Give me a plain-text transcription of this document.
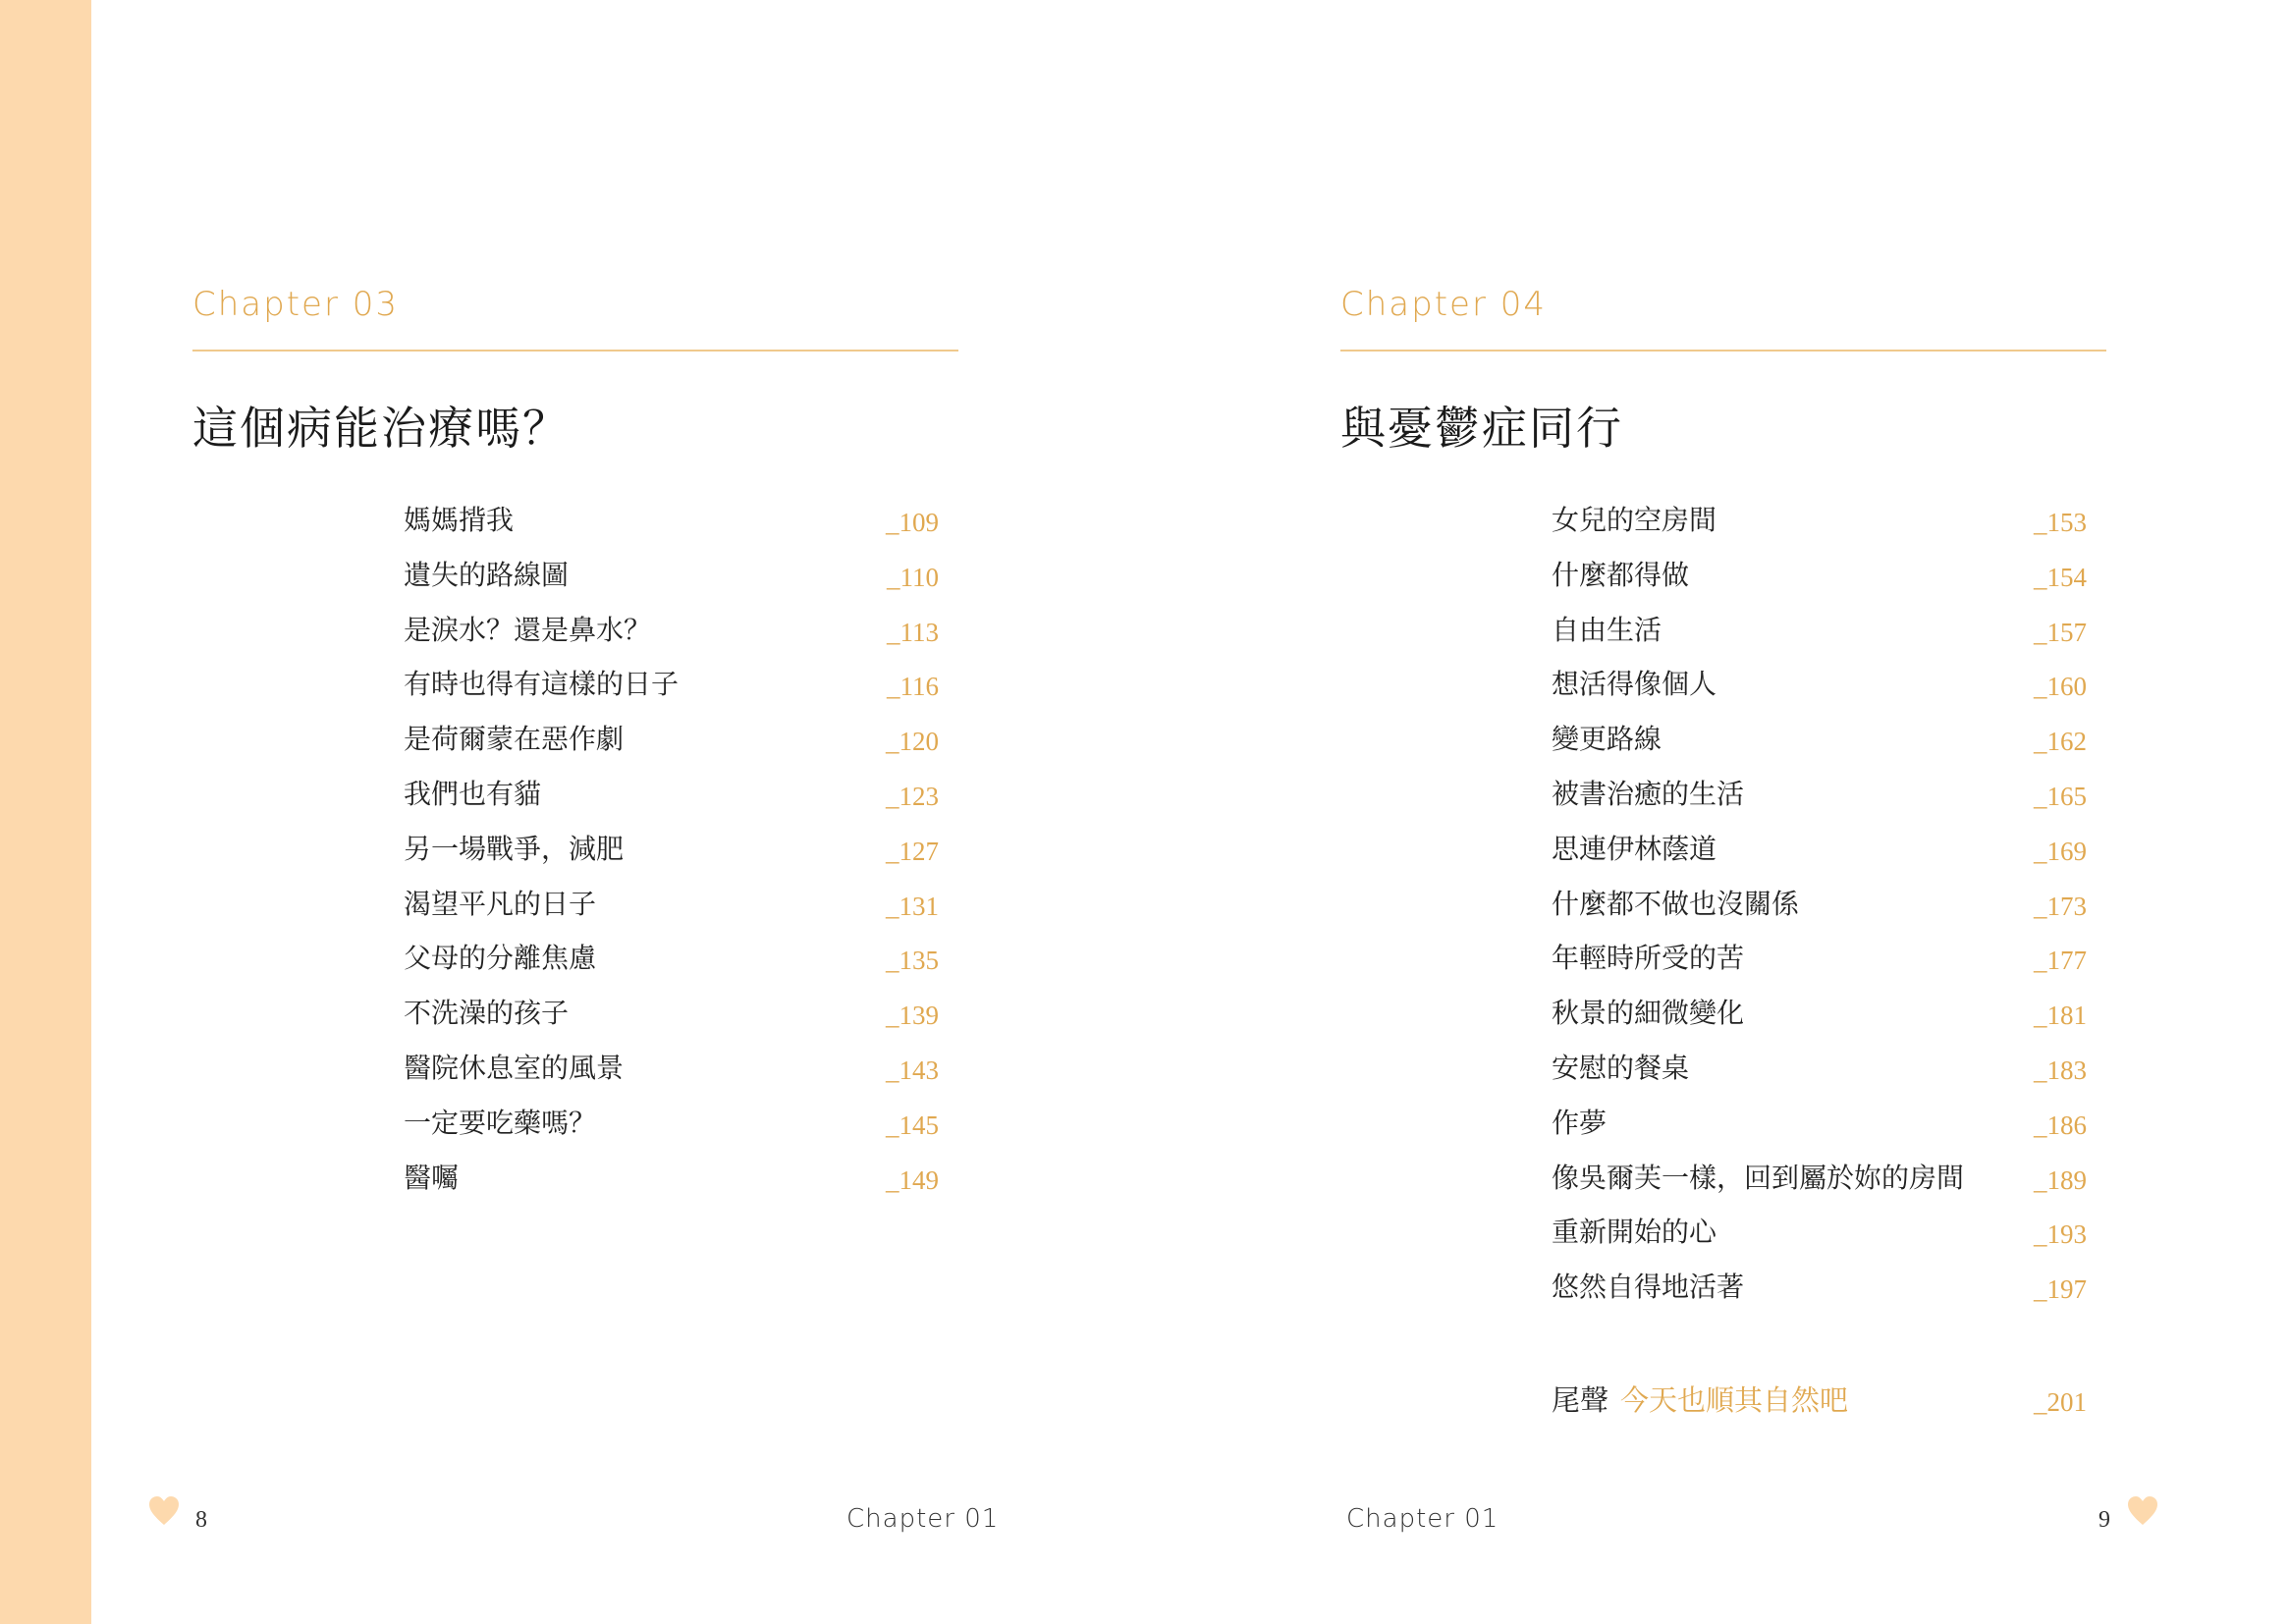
Chapter 03
這個病能治療嗎？
媽媽揹我	_109
遺失的路線圖	_110
是淚水？還是鼻水？	_113
有時也得有這樣的日子	_116
是荷爾蒙在惡作劇	_120
我們也有貓	_123
另一場戰爭，減肥	_127
渴望平凡的日子	_131
父母的分離焦慮	_135
不洗澡的孩子	_139
醫院休息室的風景	_143
一定要吃藥嗎？	_145
醫囑	_149
Chapter 04
與憂鬱症同行
女兒的空房間	_153
什麼都得做	_154
自由生活	_157
想活得像個人	_160
變更路線	_162
被書治癒的生活	_165
思連伊林蔭道	_169
什麼都不做也沒關係	_173
年輕時所受的苦	_177
秋景的細微變化	_181
安慰的餐桌	_183
作夢	_186
像吳爾芙一樣，回到屬於妳的房間	_189
重新開始的心	_193
悠然自得地活著	_197
尾聲 今天也順其自然吧	_201
8	Chapter 01	Chapter 01	9
